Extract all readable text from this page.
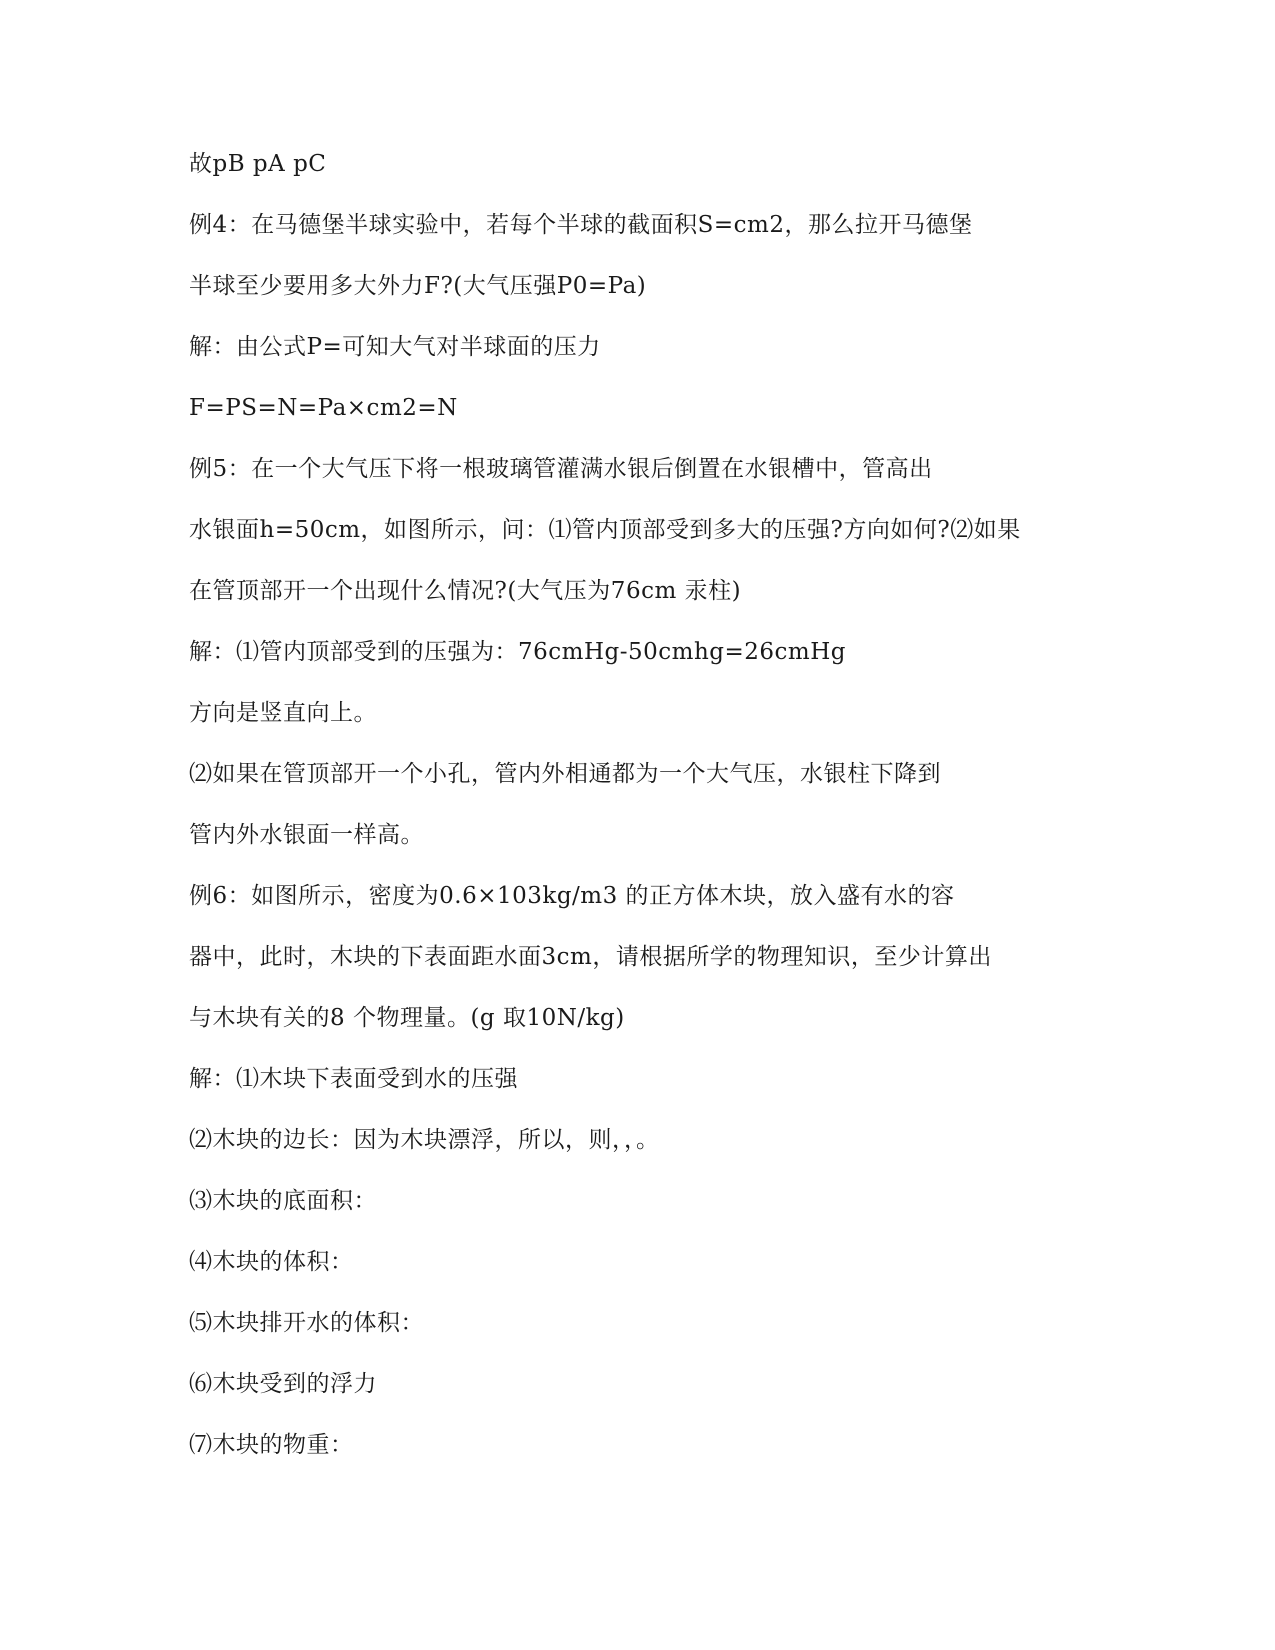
故pB pA pC
例4：在马德堡半球实验中，若每个半球的截面积S=cm2，那么拉开马德堡
半球至少要用多大外力F?(大气压强P0=Pa)
解：由公式P=可知大气对半球面的压力
F=PS=N=Pa×cm2=N
例5：在一个大气压下将一根玻璃管灌满水银后倒置在水银槽中，管高出
水银面h=50cm，如图所示，问：⑴管内顶部受到多大的压强?方向如何?⑵如果
在管顶部开一个出现什么情况?(大气压为76cm 汞柱)
解：⑴管内顶部受到的压强为：76cmHg-50cmhg=26cmHg
方向是竖直向上。
⑵如果在管顶部开一个小孔，管内外相通都为一个大气压，水银柱下降到
管内外水银面一样高。
例6：如图所示，密度为0.6×103kg/m3 的正方体木块，放入盛有水的容
器中，此时，木块的下表面距水面3cm，请根据所学的物理知识，至少计算出
与木块有关的8 个物理量。(g 取10N/kg)
解：⑴木块下表面受到水的压强
⑵木块的边长：因为木块漂浮，所以，则，，。
⑶木块的底面积：
⑷木块的体积：
⑸木块排开水的体积：
⑹木块受到的浮力
⑺木块的物重：
